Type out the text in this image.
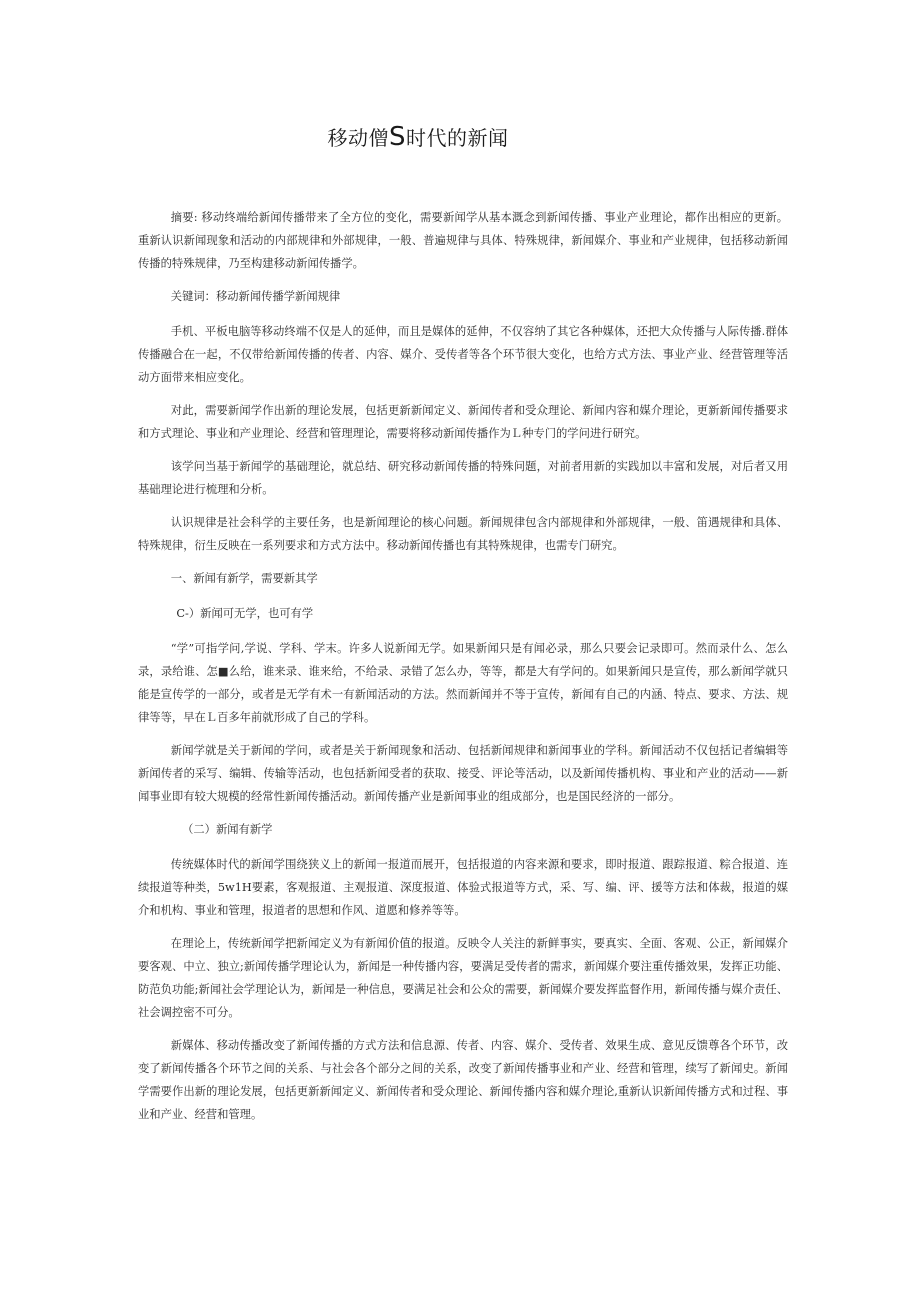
移动僧S时代的新闻

摘要: 移动终端给新闻传播带来了全方位的变化，需要新闻学从基本溉念到新闻传播、事业产业理论，都作出相应的更新。重新认识新闻现象和活动的内部规律和外部规律，一般、普遍规律与具体、特殊规律，新闻媒介、事业和产业规律，包括移动新闻传播的特殊规律，乃至构建移动新闻传播学。

关键词：移动新闻传播学新闻规律

手机、平板电脑等移动终端不仅是人的延伸，而且是媒体的延伸，不仅容纳了其它各种媒体，还把大众传播与人际传播.群体传播融合在一起，不仅带给新闻传播的传者、内容、媒介、受传者等各个环节很大变化，也给方式方法、事业产业、经营管理等活动方面带来相应变化。

对此，需要新闻学作出新的理论发展，包括更新新闻定义、新闻传者和受众理论、新闻内容和媒介理论，更新新闻传播要求和方式理论、事业和产业理论、经营和管理理论，需要将移动新闻传播作为Ｌ种专门的学问进行研究。

该学问当基于新闻学的基础理论，就总结、研究移动新闻传播的特殊问题，对前者用新的实践加以丰富和发展，对后者又用基础理论进行梳理和分析。

认识规律是社会科学的主要任务，也是新闻理论的核心问题。新闻规律包含内部规律和外部规律，一般、笛遇规律和具体、特殊规律，衍生反映在一系列要求和方式方法中。移动新闻传播也有其特殊规律，也需专门研究。

一、新闻有新学，需要新其学

C-）新闻可无学，也可有学

“学”可指学问,学说、学科、学末。许多人说新闻无学。如果新闻只是有闻必录，那么只要会记录即可。然而录什么、怎么录，录给谁、怎■么给，谁来录、谁来给，不给录、录错了怎么办，等等，都是大有学问的。如果新闻只是宣传，那么新闻学就只能是宣传学的一部分，或者是无学有术一有新闻活动的方法。然而新闻并不等于宣传，新闻有自己的内涵、特点、要求、方法、规律等等，早在Ｌ百多年前就形成了自己的学科。

新闻学就是关于新闻的学问，或者是关于新闻现象和活动、包括新闻规律和新闻事业的学科。新闻活动不仅包括记者编辑等新闻传者的采写、编辑、传输等活动，也包括新闻受者的获取、接受、评论等活动，以及新闻传播机构、事业和产业的活动——新闻事业即有较大规模的经常性新闻传播活动。新闻传播产业是新闻事业的组成部分，也是国民经济的一部分。

（二）新闻有新学

传统媒体时代的新闻学围绕狭义上的新闻一报道而展开，包括报道的内容来源和要求，即时报道、跟踪报道、粽合报道、连续报道等种类，5w1H要素，客观报道、主观报道、深度报道、体验式报道等方式，采、写、编、评、援等方法和体裁，报道的媒介和机构、事业和管理，报道者的思想和作风、道愿和修养等等。

在理论上，传统新闻学把新闻定义为有新闻价值的报道。反映令人关注的新鲜事实，要真实、全面、客观、公正，新闻媒介要客观、中立、独立;新闻传播学理论认为，新闻是一种传播内容，要满足受传者的需求，新闻媒介要注重传播效果，发挥正功能、防范负功能;新闻社会学理论认为，新闻是一种信息，要满足社会和公众的需要，新闻媒介要发挥监督作用，新闻传播与媒介责任、社会调控密不可分。

新媒体、移动传播改变了新闻传播的方式方法和信息源、传者、内容、媒介、受传者、效果生成、意见反馈尊各个环节，改变了新闻传播各个环节之间的关系、与社会各个部分之间的关系，改变了新闻传播事业和产业、经营和管理，续写了新闻史。新闻学需要作出新的理论发展，包括更新新闻定义、新闻传者和受众理论、新闻传播内容和媒介理论,重新认识新闻传播方式和过程、事业和产业、经营和管理。
